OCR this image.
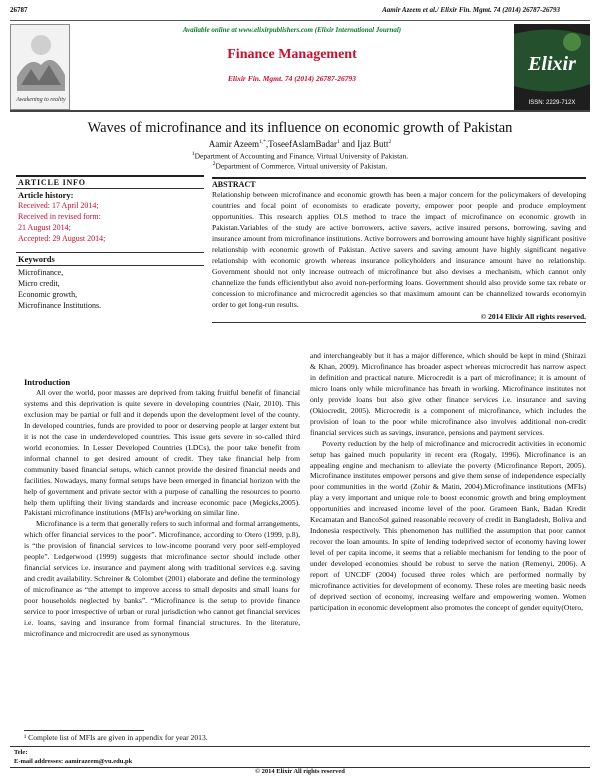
26787	Aamir Azeem et al./ Elixir Fin. Mgmt. 74 (2014) 26787-26793
Awakening to reality
Available online at www.elixirpublishers.com (Elixir International Journal)
Finance Management
Elixir Fin. Mgmt. 74 (2014) 26787-26793
Elixir
ISSN: 2229-712X
Waves of microfinance and its influence on economic growth of Pakistan
Aamir Azeem$^{1,*}$,ToseefAslamBadar$^1$ and Ijaz Butt$^2$
$^1$Department of Accounting and Finance, Virtual University of Pakistan.
$^2$Department of Commerce, Virtual university of Pakistan.
ARTICLE INFO
Article history:
Received: 17 April 2014;
Received in revised form:
21 August 2014;
Accepted: 29 August 2014;
Keywords
Microfinance,
Micro credit,
Economic growth,
Microfinance Institutions.
ABSTRACT
Relationship between microfinance and economic growth has been a major concern for the policymakers of developing countries and focal point of economists to eradicate poverty, empower poor people and produce employment opportunities. This research applies OLS method to trace the impact of microfinance on economic growth in Pakistan.Variables of the study are active borrowers, active savers, active insured persons, borrowing, saving and insurance amount from microfinance institutions. Active borrowers and borrowing amount have highly significant positive relationship with economic growth of Pakistan. Active savers and saving amount have highly significant negative relationship with economic growth whereas insurance policyholders and insurance amount have no relationship. Government should not only increase outreach of microfinance but also devises a mechanism, which cannot only channelize the funds efficientlybut also avoid non-performing loans. Government should also provide some tax rebate or concession to microfinance and microcredit agencies so that maximum amount can be channelized towards economyin order to get long-run results.
© 2014 Elixir All rights reserved.
Introduction

All over the world, poor masses are deprived from taking fruitful benefit of financial systems and this deprivation is quite severe in developing countries (Nair, 2010). This exclusion may be partial or full and it depends upon the development level of the county. In developed countries, funds are provided to poor or deserving people at larger extent but it is not the case in underdeveloped countries. This issue gets severe in so-called third world economies. In Lesser Developed Countries (LDCs), the poor take benefit from informal channel to get desired amount of credit. They take financial help from community based financial setups, which cannot provide the desired financial needs and facilities. Nowadays, many formal setups have been emerged in financial horizon with the help of government and private sector with a purpose of canalling the resources to poorto help them uplifting their living standards and increase economic pace (Megicks,2005). Pakistani microfinance institutions (MFIs) are¹working on similar line.

Microfinance is a term that generally refers to such informal and formal arrangements, which offer financial services to the poor”. Microfinance, according to Otero (1999, p.8), is “the provision of financial services to low-income poorand very poor self-employed people”. Ledgerwood (1999) suggests that microfinance sector should include other financial services i.e. insurance and payment along with traditional services e.g. saving and credit availability. Schreiner & Colombet (2001) elaborate and define the terminology of microfinance as “the attempt to improve access to small deposits and small loans for poor households neglected by banks”. “Microfinance is the setup to provide finance service to poor irrespective of urban or rural jurisdiction who cannot get financial services i.e. loans, saving and insurance from formal financial structures. In the literature, microfinance and microcredit are used as synonymous

and interchangeably but it has a major difference, which should be kept in mind (Shirazi & Khan, 2009). Microfinance has broader aspect whereas microcredit has narrow aspect in definition and practical nature. Microcredit is a part of microfinance; it is amount of micro loans only while microfinance has breath in working. Microfinance institutes not only provide loans but also give other finance services i.e. insurance and saving (Okiocredit, 2005). Microcredit is a component of microfinance, which includes the provision of loan to the poor while microfinance also involves additional non-credit financial services such as savings, insurance, pensions and payment services.

Poverty reduction by the help of microfinance and microcredit activities in economic setup has gained much popularity in recent era (Rogaly, 1996). Microfinance is an appealing engine and mechanism to alleviate the poverty (Microfinance Report, 2005). Microfinance institutes empower persons and give them sense of independence especially poor communities in the world (Zohir & Matin, 2004).Microfinance institutions (MFIs) play a very important and unique role to boost economic growth and bring employment opportunities and increased income level of the poor. Grameen Bank, Badan Kredit Kecamatan and BancoSol gained reasonable recovery of credit in Bangladesh, Boliva and Indonesia respectively. This phenomenon has nullified the assumption that poor cannot recover the loan amounts. In spite of lending todeprived sector of economy having lower level of per capita income, it seems that a reliable mechanism for lending to the poor of under developed economies should be robust to serve the nation (Remenyi, 2006). A report of UNCDF (2004) focused three roles which are performed normally by microfinance activities for development of economy. These roles are meeting basic needs of deprived section of economy, increasing welfare and empowering women. Women participation in economic development also promotes the concept of gender equity(Otero,

¹ Complete list of MFIs are given in appendix for year 2013.
Tele:
E-mail addresses: aamirazeem@vu.edu.pk
© 2014 Elixir All rights reserved
